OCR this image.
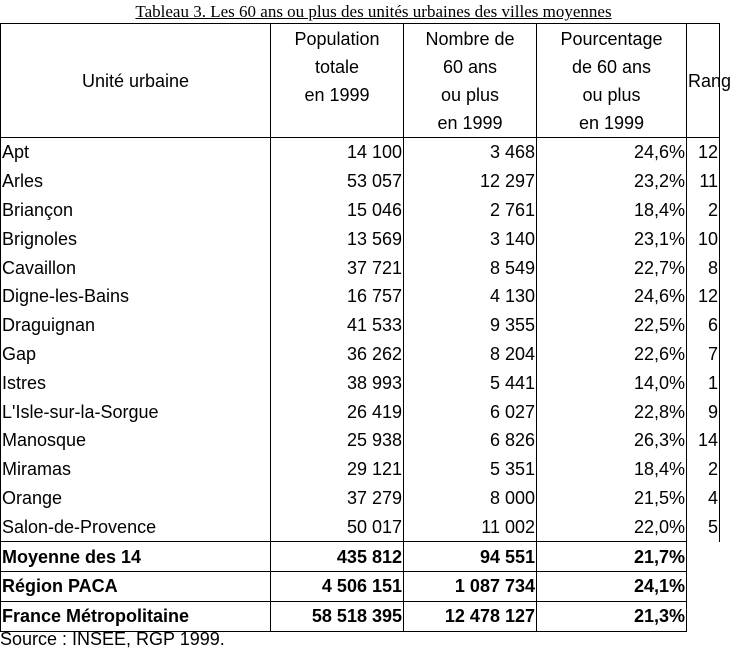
Tableau 3. Les 60 ans ou plus des unités urbaines des villes moyennes
Unité urbaine	Population
totale
en 1999	Nombre de
60 ans
ou plus
en 1999	Pourcentage
de 60 ans
ou plus
en 1999	Rang
Apt	14 100	3 468	24,6%	12
Arles	53 057	12 297	23,2%	11
Briançon	15 046	2 761	18,4%	2
Brignoles	13 569	3 140	23,1%	10
Cavaillon	37 721	8 549	22,7%	8
Digne-les-Bains	16 757	4 130	24,6%	12
Draguignan	41 533	9 355	22,5%	6
Gap	36 262	8 204	22,6%	7
Istres	38 993	5 441	14,0%	1
L'Isle-sur-la-Sorgue	26 419	6 027	22,8%	9
Manosque	25 938	6 826	26,3%	14
Miramas	29 121	5 351	18,4%	2
Orange	37 279	8 000	21,5%	4
Salon-de-Provence	50 017	11 002	22,0%	5
Moyenne des 14	435 812	94 551	21,7%	
Région PACA	4 506 151	1 087 734	24,1%	
France Métropolitaine	58 518 395	12 478 127	21,3%	
Source : INSEE, RGP 1999.
